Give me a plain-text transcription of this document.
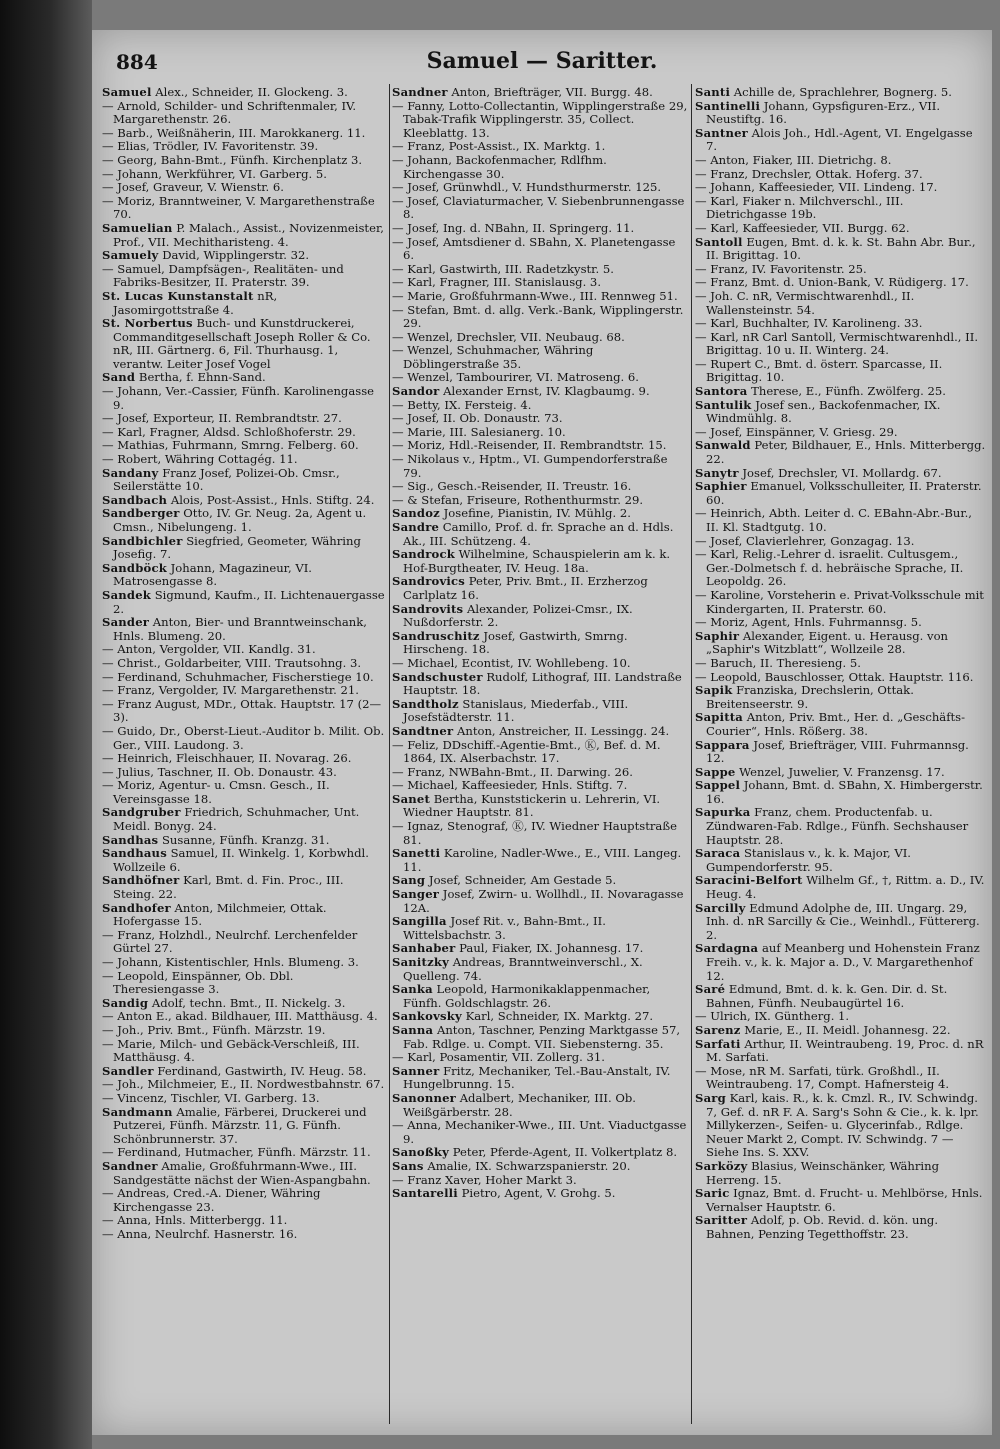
Samuel — Saritter.
884

Samuel Alex., Schneider, II. Glockeng. 3.

— Arnold, Schilder- und Schriftenmaler, IV. Margarethenstr. 26.

— Barb., Weißnäherin, III. Marokkanerg. 11.

— Elias, Trödler, IV. Favoritenstr. 39.

— Georg, Bahn-Bmt., Fünfh. Kirchenplatz 3.

— Johann, Werkführer, VI. Garberg. 5.

— Josef, Graveur, V. Wienstr. 6.

— Moriz, Branntweiner, V. Margarethenstraße 70.

Samuelian P. Malach., Assist., Novizenmeister, Prof., VII. Mechitharisteng. 4.

Samuely David, Wipplingerstr. 32.

— Samuel, Dampfsägen-, Realitäten- und Fabriks-Besitzer, II. Praterstr. 39.

St. Lucas Kunstanstalt nR, Jasomirgottstraße 4.

St. Norbertus Buch- und Kunstdruckerei, Commanditgesellschaft Joseph Roller & Co. nR, III. Gärtnerg. 6, Fil. Thurhausg. 1, verantw. Leiter Josef Vogel

Sand Bertha, f. Ehnn-Sand.

— Johann, Ver.-Cassier, Fünfh. Karolinengasse 9.

— Josef, Exporteur, II. Rembrandtstr. 27.

— Karl, Fragner, Aldsd. Schloßhoferstr. 29.

— Mathias, Fuhrmann, Smrng. Felberg. 60.

— Robert, Währing Cottagég. 11.

Sandany Franz Josef, Polizei-Ob. Cmsr., Seilerstätte 10.

Sandbach Alois, Post-Assist., Hnls. Stiftg. 24.

Sandberger Otto, IV. Gr. Neug. 2a, Agent u. Cmsn., Nibelungeng. 1.

Sandbichler Siegfried, Geometer, Währing Josefig. 7.

Sandböck Johann, Magazineur, VI. Matrosengasse 8.

Sandek Sigmund, Kaufm., II. Lichtenauergasse 2.

Sander Anton, Bier- und Branntweinschank, Hnls. Blumeng. 20.

— Anton, Vergolder, VII. Kandlg. 31.

— Christ., Goldarbeiter, VIII. Trautsohng. 3.

— Ferdinand, Schuhmacher, Fischerstiege 10.

— Franz, Vergolder, IV. Margarethenstr. 21.

— Franz August, MDr., Ottak. Hauptstr. 17 (2—3).

— Guido, Dr., Oberst-Lieut.-Auditor b. Milit. Ob. Ger., VIII. Laudong. 3.

— Heinrich, Fleischhauer, II. Novarag. 26.

— Julius, Taschner, II. Ob. Donaustr. 43.

— Moriz, Agentur- u. Cmsn. Gesch., II. Vereinsgasse 18.

Sandgruber Friedrich, Schuhmacher, Unt. Meidl. Bonyg. 24.

Sandhas Susanne, Fünfh. Kranzg. 31.

Sandhaus Samuel, II. Winkelg. 1, Korbwhdl. Wollzeile 6.

Sandhöfner Karl, Bmt. d. Fin. Proc., III. Steing. 22.

Sandhofer Anton, Milchmeier, Ottak. Hofergasse 15.

— Franz, Holzhdl., Neulrchf. Lerchenfelder Gürtel 27.

— Johann, Kistentischler, Hnls. Blumeng. 3.

— Leopold, Einspänner, Ob. Dbl. Theresiengasse 3.

Sandig Adolf, techn. Bmt., II. Nickelg. 3.

— Anton E., akad. Bildhauer, III. Matthäusg. 4.

— Joh., Priv. Bmt., Fünfh. Märzstr. 19.

— Marie, Milch- und Gebäck-Verschleiß, III. Matthäusg. 4.

Sandler Ferdinand, Gastwirth, IV. Heug. 58.

— Joh., Milchmeier, E., II. Nordwestbahnstr. 67.

— Vincenz, Tischler, VI. Garberg. 13.

Sandmann Amalie, Färberei, Druckerei und Putzerei, Fünfh. Märzstr. 11, G. Fünfh. Schönbrunnerstr. 37.

— Ferdinand, Hutmacher, Fünfh. Märzstr. 11.

Sandner Amalie, Großfuhrmann-Wwe., III. Sandgestätte nächst der Wien-Aspangbahn.

— Andreas, Cred.-A. Diener, Währing Kirchengasse 23.

— Anna, Hnls. Mitterbergg. 11.

— Anna, Neulrchf. Hasnerstr. 16.

Sandner Anton, Briefträger, VII. Burgg. 48.

— Fanny, Lotto-Collectantin, Wipplingerstraße 29, Tabak-Trafik Wipplingerstr. 35, Collect. Kleeblattg. 13.

— Franz, Post-Assist., IX. Marktg. 1.

— Johann, Backofenmacher, Rdlfhm. Kirchengasse 30.

— Josef, Grünwhdl., V. Hundsthurmerstr. 125.

— Josef, Claviaturmacher, V. Siebenbrunnengasse 8.

— Josef, Ing. d. NBahn, II. Springerg. 11.

— Josef, Amtsdiener d. SBahn, X. Planetengasse 6.

— Karl, Gastwirth, III. Radetzkystr. 5.

— Karl, Fragner, III. Stanislausg. 3.

— Marie, Großfuhrmann-Wwe., III. Rennweg 51.

— Stefan, Bmt. d. allg. Verk.-Bank, Wipplingerstr. 29.

— Wenzel, Drechsler, VII. Neubaug. 68.

— Wenzel, Schuhmacher, Währing Döblingerstraße 35.

— Wenzel, Tambourirer, VI. Matroseng. 6.

Sandor Alexander Ernst, IV. Klagbaumg. 9.

— Betty, IX. Fersteig. 4.

— Josef, II. Ob. Donaustr. 73.

— Marie, III. Salesianerg. 10.

— Moriz, Hdl.-Reisender, II. Rembrandtstr. 15.

— Nikolaus v., Hptm., VI. Gumpendorferstraße 79.

— Sig., Gesch.-Reisender, II. Treustr. 16.

— & Stefan, Friseure, Rothenthurmstr. 29.

Sandoz Josefine, Pianistin, IV. Mühlg. 2.

Sandre Camillo, Prof. d. fr. Sprache an d. Hdls. Ak., III. Schützeng. 4.

Sandrock Wilhelmine, Schauspielerin am k. k. Hof-Burgtheater, IV. Heug. 18a.

Sandrovics Peter, Priv. Bmt., II. Erzherzog Carlplatz 16.

Sandrovits Alexander, Polizei-Cmsr., IX. Nußdorferstr. 2.

Sandruschitz Josef, Gastwirth, Smrng. Hirscheng. 18.

— Michael, Econtist, IV. Wohllebeng. 10.

Sandschuster Rudolf, Lithograf, III. Landstraße Hauptstr. 18.

Sandtholz Stanislaus, Miederfab., VIII. Josefstädterstr. 11.

Sandtner Anton, Anstreicher, II. Lessingg. 24.

— Feliz, DDschiff.-Agentie-Bmt., Ⓚ, Bef. d. M. 1864, IX. Alserbachstr. 17.

— Franz, NWBahn-Bmt., II. Darwing. 26.

— Michael, Kaffeesieder, Hnls. Stiftg. 7.

Sanet Bertha, Kunststickerin u. Lehrerin, VI. Wiedner Hauptstr. 81.

— Ignaz, Stenograf, Ⓚ, IV. Wiedner Hauptstraße 81.

Sanetti Karoline, Nadler-Wwe., E., VIII. Langeg. 11.

Sang Josef, Schneider, Am Gestade 5.

Sanger Josef, Zwirn- u. Wollhdl., II. Novaragasse 12A.

Sangilla Josef Rit. v., Bahn-Bmt., II. Wittelsbachstr. 3.

Sanhaber Paul, Fiaker, IX. Johannesg. 17.

Sanitzky Andreas, Branntweinverschl., X. Quelleng. 74.

Sanka Leopold, Harmonikaklappenmacher, Fünfh. Goldschlagstr. 26.

Sankovsky Karl, Schneider, IX. Marktg. 27.

Sanna Anton, Taschner, Penzing Marktgasse 57, Fab. Rdlge. u. Compt. VII. Siebensterng. 35.

— Karl, Posamentir, VII. Zollerg. 31.

Sanner Fritz, Mechaniker, Tel.-Bau-Anstalt, IV. Hungelbrunng. 15.

Sanonner Adalbert, Mechaniker, III. Ob. Weißgärberstr. 28.

— Anna, Mechaniker-Wwe., III. Unt. Viaductgasse 9.

Sanoßky Peter, Pferde-Agent, II. Volkertplatz 8.

Sans Amalie, IX. Schwarzspanierstr. 20.

— Franz Xaver, Hoher Markt 3.

Santarelli Pietro, Agent, V. Grohg. 5.

Santi Achille de, Sprachlehrer, Bognerg. 5.

Santinelli Johann, Gypsfiguren-Erz., VII. Neustiftg. 16.

Santner Alois Joh., Hdl.-Agent, VI. Engelgasse 7.

— Anton, Fiaker, III. Dietrichg. 8.

— Franz, Drechsler, Ottak. Hoferg. 37.

— Johann, Kaffeesieder, VII. Lindeng. 17.

— Karl, Fiaker n. Milchverschl., III. Dietrichgasse 19b.

— Karl, Kaffeesieder, VII. Burgg. 62.

Santoll Eugen, Bmt. d. k. k. St. Bahn Abr. Bur., II. Brigittag. 10.

— Franz, IV. Favoritenstr. 25.

— Franz, Bmt. d. Union-Bank, V. Rüdigerg. 17.

— Joh. C. nR, Vermischtwarenhdl., II. Wallensteinstr. 54.

— Karl, Buchhalter, IV. Karolineng. 33.

— Karl, nR Carl Santoll, Vermischtwarenhdl., II. Brigittag. 10 u. II. Winterg. 24.

— Rupert C., Bmt. d. österr. Sparcasse, II. Brigittag. 10.

Santora Therese, E., Fünfh. Zwölferg. 25.

Santulik Josef sen., Backofenmacher, IX. Windmühlg. 8.

— Josef, Einspänner, V. Griesg. 29.

Sanwald Peter, Bildhauer, E., Hnls. Mitterbergg. 22.

Sanytr Josef, Drechsler, VI. Mollardg. 67.

Saphier Emanuel, Volksschulleiter, II. Praterstr. 60.

— Heinrich, Abth. Leiter d. C. EBahn-Abr.-Bur., II. Kl. Stadtgutg. 10.

— Josef, Clavierlehrer, Gonzagag. 13.

— Karl, Relig.-Lehrer d. israelit. Cultusgem., Ger.-Dolmetsch f. d. hebräische Sprache, II. Leopoldg. 26.

— Karoline, Vorsteherin e. Privat-Volksschule mit Kindergarten, II. Praterstr. 60.

— Moriz, Agent, Hnls. Fuhrmannsg. 5.

Saphir Alexander, Eigent. u. Herausg. von „Saphir's Witzblatt“, Wollzeile 28.

— Baruch, II. Theresieng. 5.

— Leopold, Bauschlosser, Ottak. Hauptstr. 116.

Sapik Franziska, Drechslerin, Ottak. Breitenseerstr. 9.

Sapitta Anton, Priv. Bmt., Her. d. „Geschäfts-Courier“, Hnls. Rößerg. 38.

Sappara Josef, Briefträger, VIII. Fuhrmannsg. 12.

Sappe Wenzel, Juwelier, V. Franzensg. 17.

Sappel Johann, Bmt. d. SBahn, X. Himbergerstr. 16.

Sapurka Franz, chem. Productenfab. u. Zündwaren-Fab. Rdlge., Fünfh. Sechshauser Hauptstr. 28.

Saraca Stanislaus v., k. k. Major, VI. Gumpendorferstr. 95.

Saracini-Belfort Wilhelm Gf., †, Rittm. a. D., IV. Heug. 4.

Sarcilly Edmund Adolphe de, III. Ungarg. 29, Inh. d. nR Sarcilly & Cie., Weinhdl., Füttererg. 2.

Sardagna auf Meanberg und Hohenstein Franz Freih. v., k. k. Major a. D., V. Margarethenhof 12.

Saré Edmund, Bmt. d. k. k. Gen. Dir. d. St. Bahnen, Fünfh. Neubaugürtel 16.

— Ulrich, IX. Güntherg. 1.

Sarenz Marie, E., II. Meidl. Johannesg. 22.

Sarfati Arthur, II. Weintraubeng. 19, Proc. d. nR M. Sarfati.

— Mose, nR M. Sarfati, türk. Großhdl., II. Weintraubeng. 17, Compt. Hafnersteig 4.

Sarg Karl, kais. R., k. k. Cmzl. R., IV. Schwindg. 7, Gef. d. nR F. A. Sarg's Sohn & Cie., k. k. lpr. Millykerzen-, Seifen- u. Glycerinfab., Rdlge. Neuer Markt 2, Compt. IV. Schwindg. 7 — Siehe Ins. S. XXV.

Sarközy Blasius, Weinschänker, Währing Herreng. 15.

Saric Ignaz, Bmt. d. Frucht- u. Mehlbörse, Hnls. Vernalser Hauptstr. 6.

Saritter Adolf, p. Ob. Revid. d. kön. ung. Bahnen, Penzing Tegetthoffstr. 23.
